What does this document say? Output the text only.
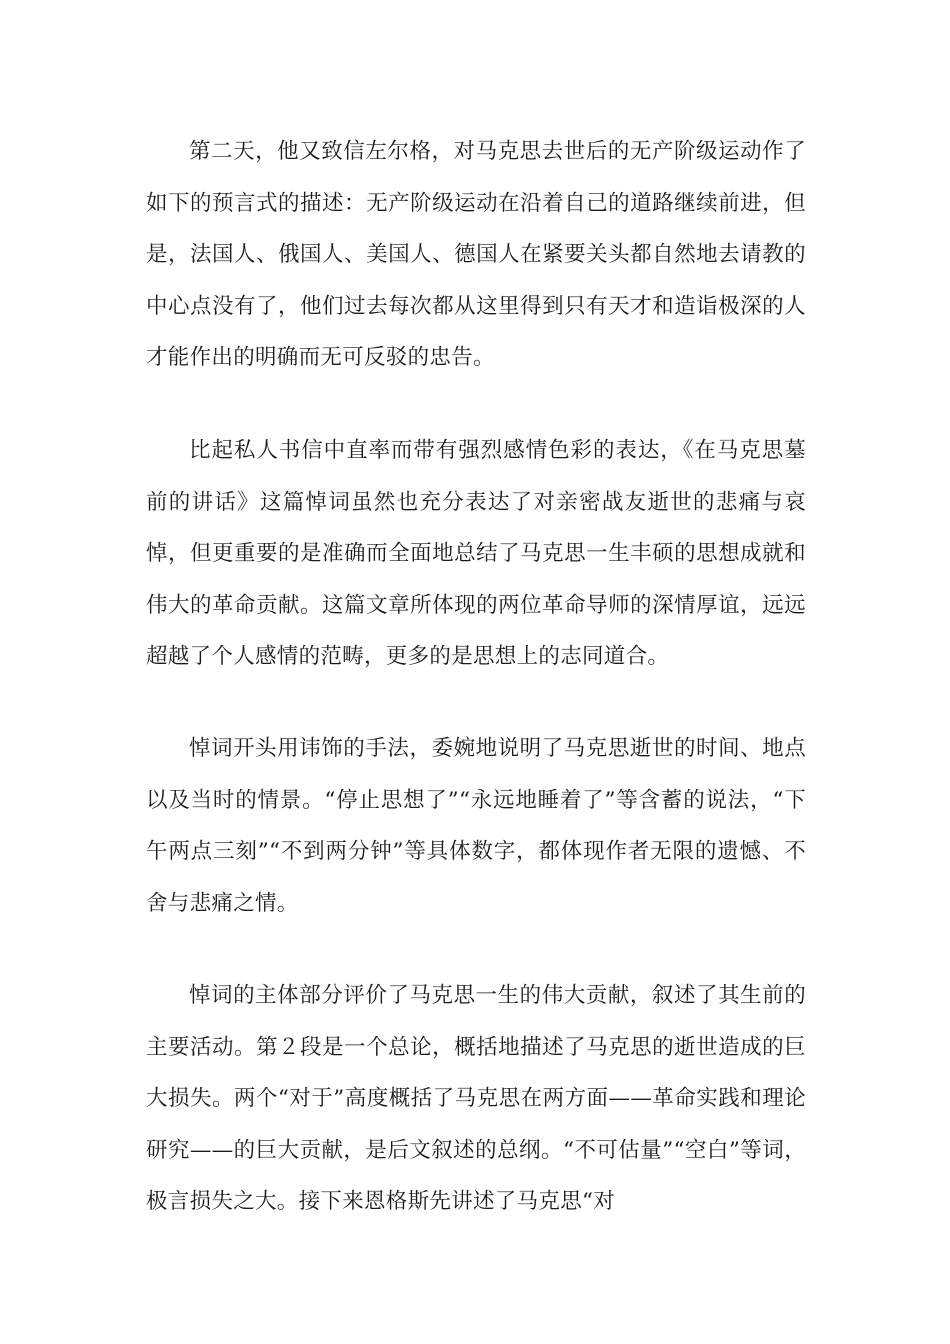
第二天，他又致信左尔格，对马克思去世后的无产阶级运动作了如下的预言式的描述：无产阶级运动在沿着自己的道路继续前进，但是，法国人、俄国人、美国人、德国人在紧要关头都自然地去请教的中心点没有了，他们过去每次都从这里得到只有天才和造诣极深的人才能作出的明确而无可反驳的忠告。

比起私人书信中直率而带有强烈感情色彩的表达，《在马克思墓前的讲话》这篇悼词虽然也充分表达了对亲密战友逝世的悲痛与哀悼，但更重要的是准确而全面地总结了马克思一生丰硕的思想成就和伟大的革命贡献。这篇文章所体现的两位革命导师的深情厚谊，远远超越了个人感情的范畴，更多的是思想上的志同道合。

悼词开头用讳饰的手法，委婉地说明了马克思逝世的时间、地点以及当时的情景。“停止思想了”“永远地睡着了”等含蓄的说法，“下午两点三刻”“不到两分钟”等具体数字，都体现作者无限的遗憾、不舍与悲痛之情。

悼词的主体部分评价了马克思一生的伟大贡献，叙述了其生前的主要活动。第２段是一个总论，概括地描述了马克思的逝世造成的巨大损失。两个“对于”高度概括了马克思在两方面——革命实践和理论研究——的巨大贡献，是后文叙述的总纲。“不可估量”“空白”等词，极言损失之大。接下来恩格斯先讲述了马克思“对
